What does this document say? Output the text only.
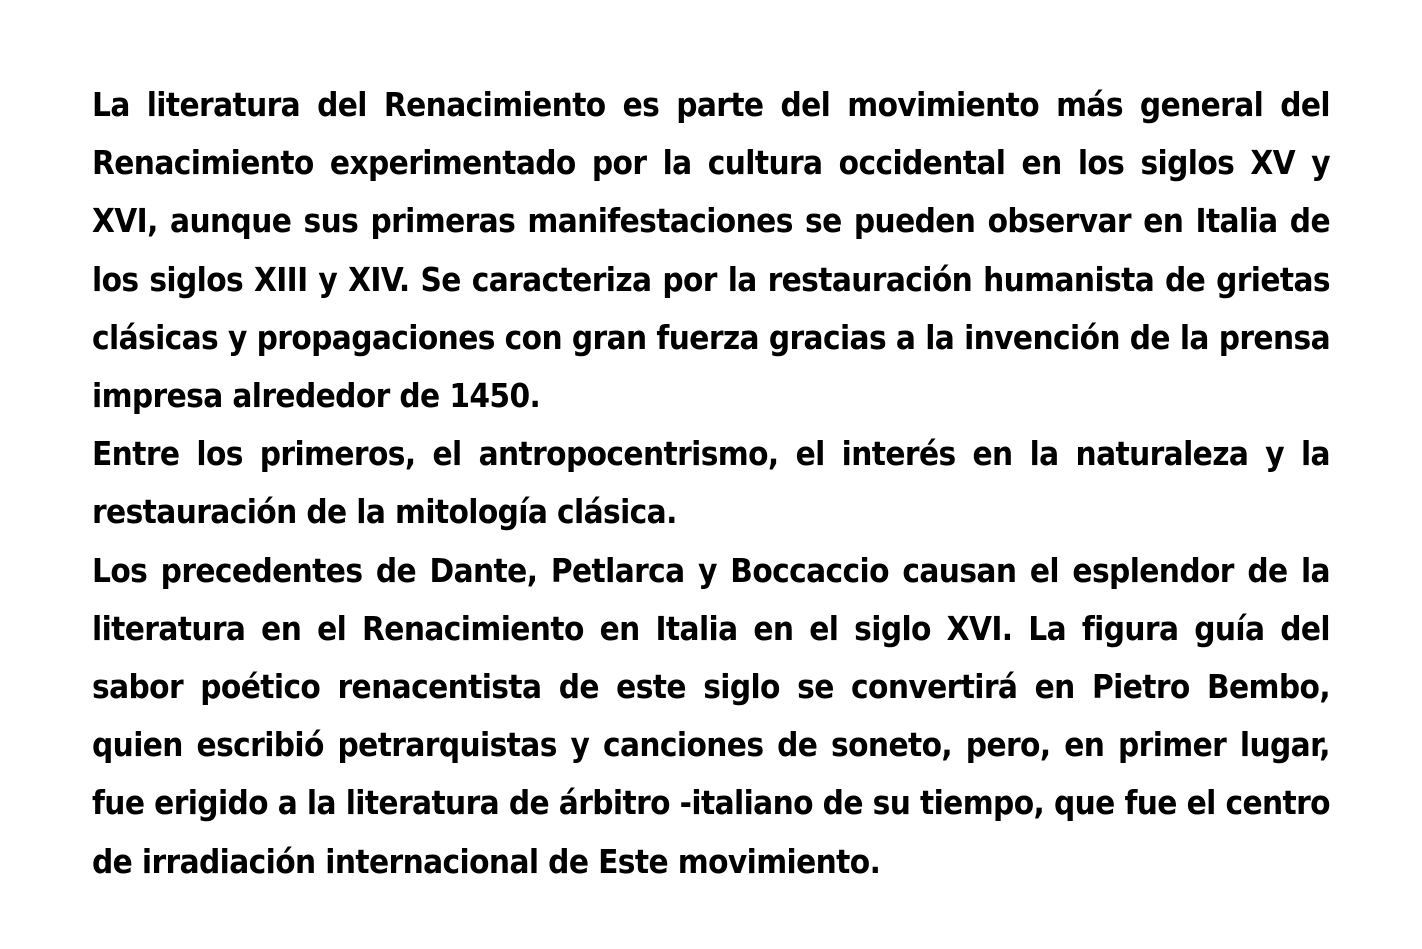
La literatura del Renacimiento es parte del movimiento más general del Renacimiento experimentado por la cultura occidental en los siglos XV y XVI, aunque sus primeras manifestaciones se pueden observar en Italia de los siglos XIII y XIV. Se caracteriza por la restauración humanista de grietas clásicas y propagaciones con gran fuerza gracias a la invención de la prensa impresa alrededor de 1450.

Entre los primeros, el antropocentrismo, el interés en la naturaleza y la restauración de la mitología clásica.

Los precedentes de Dante, Petlarca y Boccaccio causan el esplendor de la literatura en el Renacimiento en Italia en el siglo XVI. La figura guía del sabor poético renacentista de este siglo se convertirá en Pietro Bembo, quien escribió petrarquistas y canciones de soneto, pero, en primer lugar, fue erigido a la literatura de árbitro -italiano de su tiempo, que fue el centro de irradiación internacional de Este movimiento.
